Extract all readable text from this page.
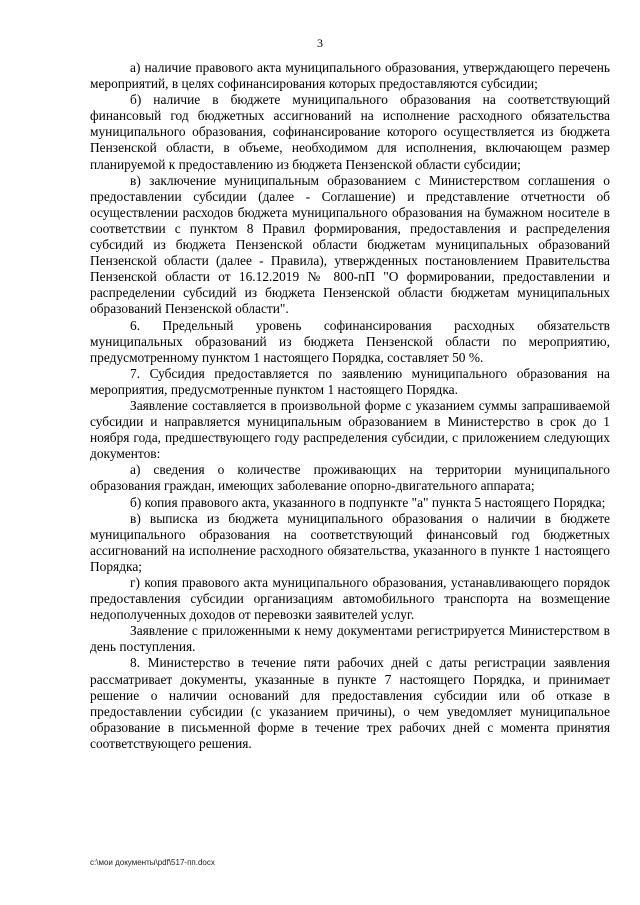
3

а) наличие правового акта муниципального образования, утверждающего перечень мероприятий, в целях софинансирования которых предоставляются субсидии;

б) наличие в бюджете муниципального образования на соответствующий финансовый год бюджетных ассигнований на исполнение расходного обязательства муниципального образования, софинансирование которого осуществляется из бюджета Пензенской области, в объеме, необходимом для исполнения, включающем размер планируемой к предоставлению из бюджета Пензенской области субсидии;

в) заключение муниципальным образованием с Министерством соглашения о предоставлении субсидии (далее - Соглашение) и представление отчетности об осуществлении расходов бюджета муниципального образования на бумажном носителе в соответствии с пунктом 8 Правил формирования, предоставления и распределения субсидий из бюджета Пензенской области бюджетам муниципальных образований Пензенской области (далее - Правила), утвержденных постановлением Правительства Пензенской области от 16.12.2019 № 800-пП "О формировании, предоставлении и распределении субсидий из бюджета Пензенской области бюджетам муниципальных образований Пензенской области".

6. Предельный уровень софинансирования расходных обязательств муниципальных образований из бюджета Пензенской области по мероприятию, предусмотренному пунктом 1 настоящего Порядка, составляет 50 %.

7. Субсидия предоставляется по заявлению муниципального образования на мероприятия, предусмотренные пунктом 1 настоящего Порядка.

Заявление составляется в произвольной форме с указанием суммы запрашиваемой субсидии и направляется муниципальным образованием в Министерство в срок до 1 ноября года, предшествующего году распределения субсидии, с приложением следующих документов:

а) сведения о количестве проживающих на территории муниципального образования граждан, имеющих заболевание опорно-двигательного аппарата;

б) копия правового акта, указанного в подпункте "а" пункта 5 настоящего Порядка;

в) выписка из бюджета муниципального образования о наличии в бюджете муниципального образования на соответствующий финансовый год бюджетных ассигнований на исполнение расходного обязательства, указанного в пункте 1 настоящего Порядка;

г) копия правового акта муниципального образования, устанавливающего порядок предоставления субсидии организациям автомобильного транспорта на возмещение недополученных доходов от перевозки заявителей услуг.

Заявление с приложенными к нему документами регистрируется Министерством в день поступления.

8. Министерство в течение пяти рабочих дней с даты регистрации заявления рассматривает документы, указанные в пункте 7 настоящего Порядка, и принимает решение о наличии оснований для предоставления субсидии или об отказе в предоставлении субсидии (с указанием причины), о чем уведомляет муниципальное образование в письменной форме в течение трех рабочих дней с момента принятия соответствующего решения.

c:\мои документы\pdf\517-пп.docx
